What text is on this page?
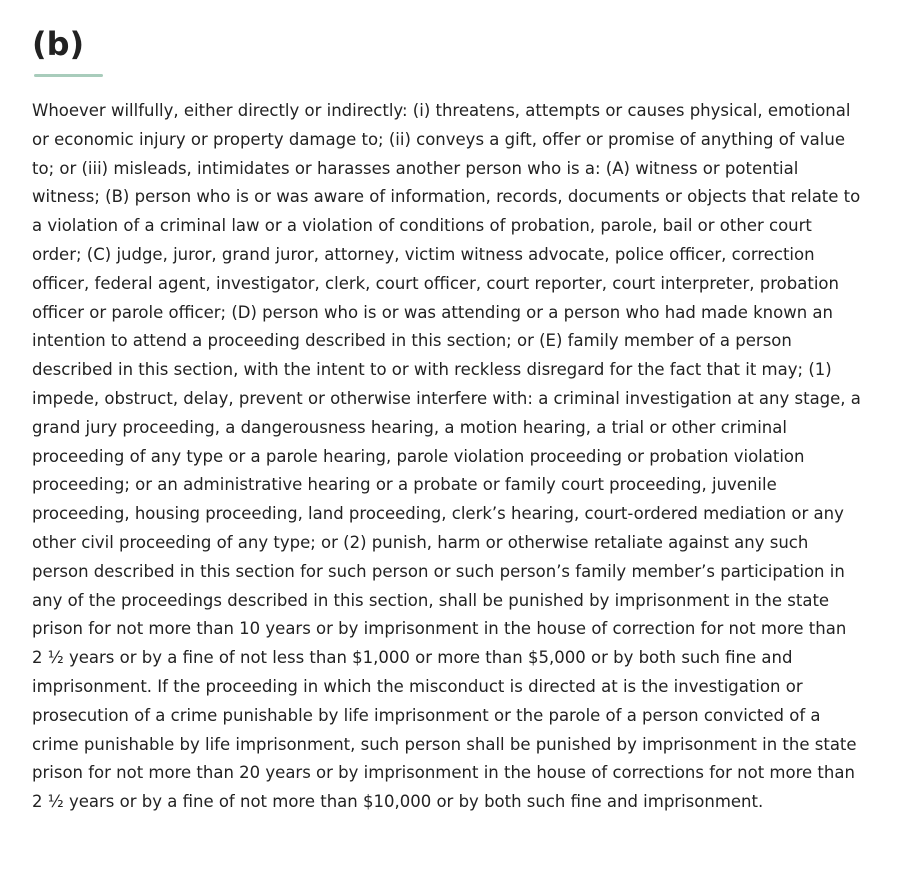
(b)

Whoever willfully, either directly or indirectly: (i) threatens, attempts or causes physical, emotional or economic injury or property damage to; (ii) conveys a gift, offer or promise of anything of value to; or (iii) misleads, intimidates or harasses another person who is a: (A) witness or potential witness; (B) person who is or was aware of information, records, documents or objects that relate to a violation of a criminal law or a violation of conditions of probation, parole, bail or other court order; (C) judge, juror, grand juror, attorney, victim witness advocate, police officer, correction officer, federal agent, investigator, clerk, court officer, court reporter, court interpreter, probation officer or parole officer; (D) person who is or was attending or a person who had made known an intention to attend a proceeding described in this section; or (E) family member of a person described in this section, with the intent to or with reckless disregard for the fact that it may; (1) impede, obstruct, delay, prevent or otherwise interfere with: a criminal investigation at any stage, a grand jury proceeding, a dangerousness hearing, a motion hearing, a trial or other criminal proceeding of any type or a parole hearing, parole violation proceeding or probation violation proceeding; or an administrative hearing or a probate or family court proceeding, juvenile proceeding, housing proceeding, land proceeding, clerk’s hearing, court-ordered mediation or any other civil proceeding of any type; or (2) punish, harm or otherwise retaliate against any such person described in this section for such person or such person’s family member’s participation in any of the proceedings described in this section, shall be punished by imprisonment in the state prison for not more than 10 years or by imprisonment in the house of correction for not more than 2 ½ years or by a fine of not less than $1,000 or more than $5,000 or by both such fine and imprisonment. If the proceeding in which the misconduct is directed at is the investigation or prosecution of a crime punishable by life imprisonment or the parole of a person convicted of a crime punishable by life imprisonment, such person shall be punished by imprisonment in the state prison for not more than 20 years or by imprisonment in the house of corrections for not more than 2 ½ years or by a fine of not more than $10,000 or by both such fine and imprisonment.
